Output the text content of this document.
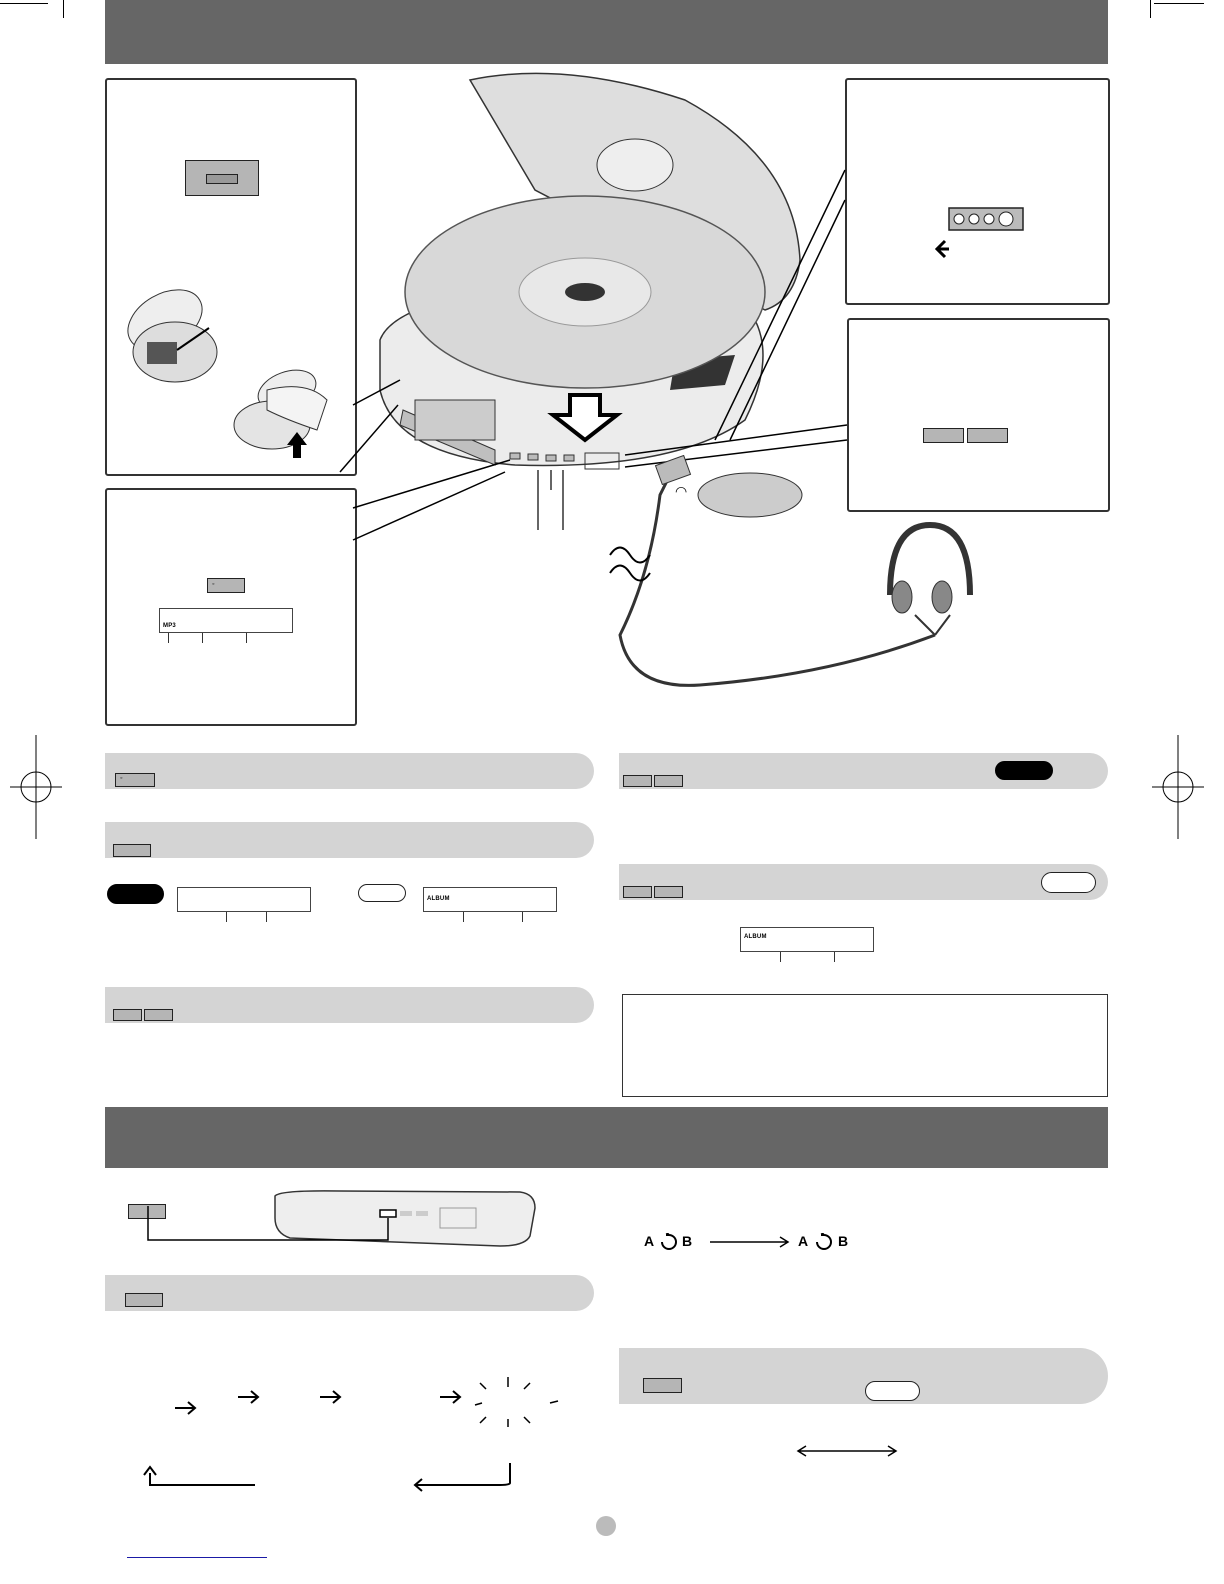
◦
MP3
◠
◦
ALBUM
ALBUM
A B	A B
